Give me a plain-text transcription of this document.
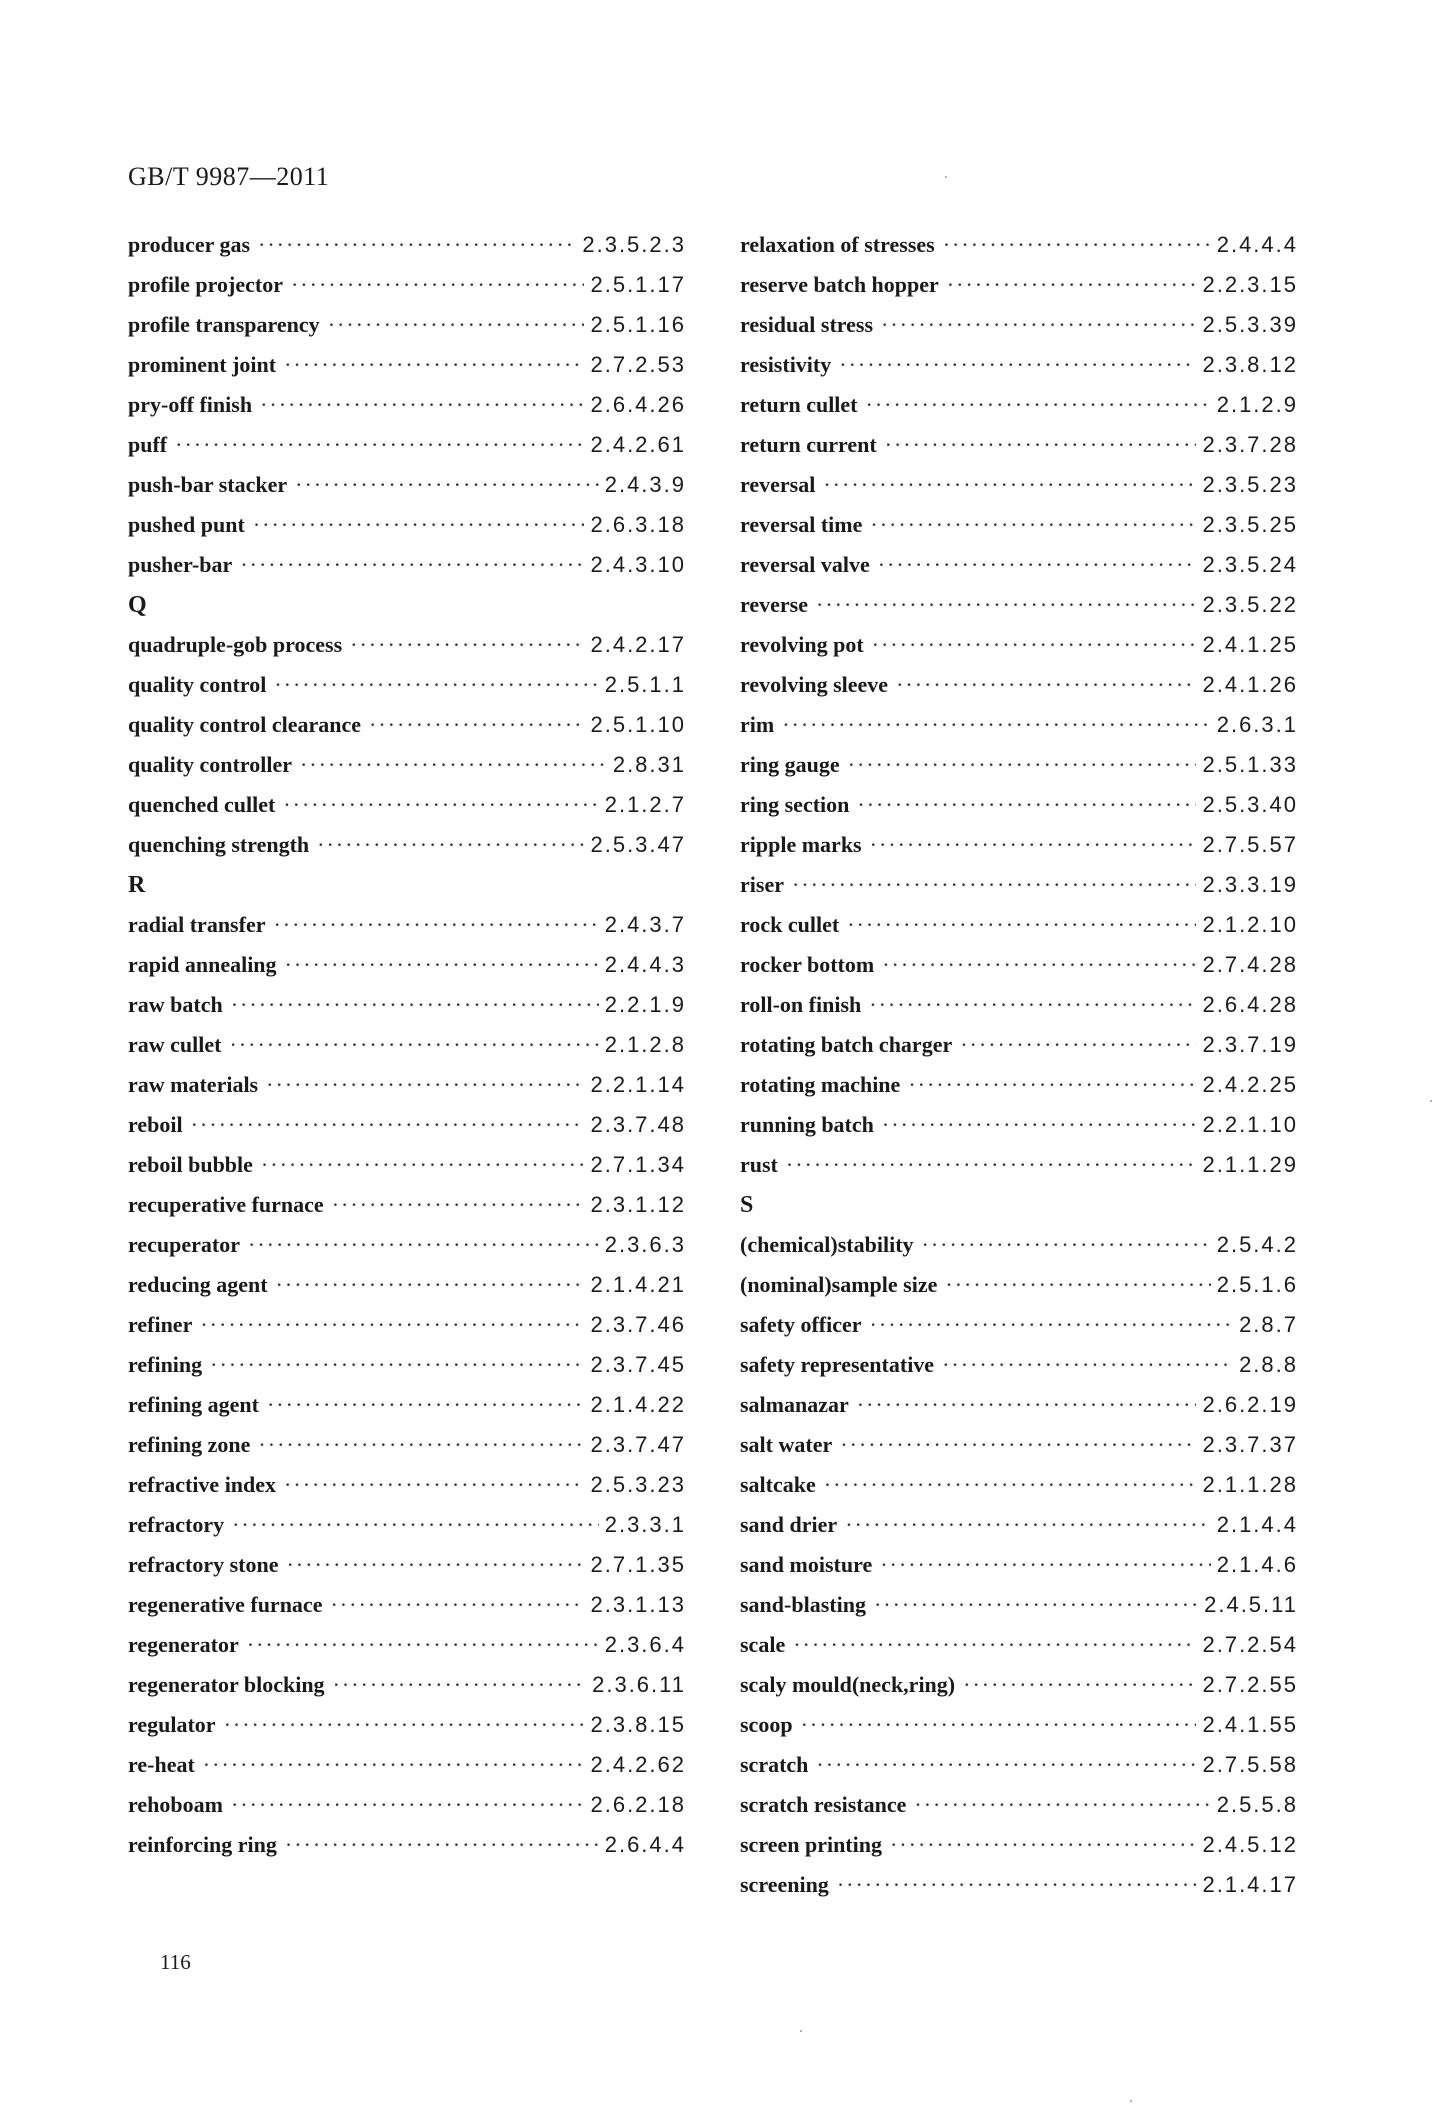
GB/T 9987—2011
producer gas ·····	2.3.5.2.3
profile projector ·····	2.5.1.17
profile transparency ·····	2.5.1.16
prominent joint ·····	2.7.2.53
pry-off finish ·····	2.6.4.26
puff ·····	2.4.2.61
push-bar stacker ·····	2.4.3.9
pushed punt ·····	2.6.3.18
pusher-bar ·····	2.4.3.10
Q
quadruple-gob process ·····	2.4.2.17
quality control ·····	2.5.1.1
quality control clearance ·····	2.5.1.10
quality controller ·····	2.8.31
quenched cullet ·····	2.1.2.7
quenching strength ·····	2.5.3.47
R
radial transfer ·····	2.4.3.7
rapid annealing ·····	2.4.4.3
raw batch ·····	2.2.1.9
raw cullet ·····	2.1.2.8
raw materials ·····	2.2.1.14
reboil ·····	2.3.7.48
reboil bubble ·····	2.7.1.34
recuperative furnace ·····	2.3.1.12
recuperator ·····	2.3.6.3
reducing agent ·····	2.1.4.21
refiner ·····	2.3.7.46
refining ·····	2.3.7.45
refining agent ·····	2.1.4.22
refining zone ·····	2.3.7.47
refractive index ·····	2.5.3.23
refractory ·····	2.3.3.1
refractory stone ·····	2.7.1.35
regenerative furnace ·····	2.3.1.13
regenerator ·····	2.3.6.4
regenerator blocking ·····	2.3.6.11
regulator ·····	2.3.8.15
re-heat ·····	2.4.2.62
rehoboam ·····	2.6.2.18
reinforcing ring ·····	2.6.4.4
relaxation of stresses ·····	2.4.4.4
reserve batch hopper ·····	2.2.3.15
residual stress ·····	2.5.3.39
resistivity ·····	2.3.8.12
return cullet ·····	2.1.2.9
return current ·····	2.3.7.28
reversal ·····	2.3.5.23
reversal time ·····	2.3.5.25
reversal valve ·····	2.3.5.24
reverse ·····	2.3.5.22
revolving pot ·····	2.4.1.25
revolving sleeve ·····	2.4.1.26
rim ·····	2.6.3.1
ring gauge ·····	2.5.1.33
ring section ·····	2.5.3.40
ripple marks ·····	2.7.5.57
riser ·····	2.3.3.19
rock cullet ·····	2.1.2.10
rocker bottom ·····	2.7.4.28
roll-on finish ·····	2.6.4.28
rotating batch charger ·····	2.3.7.19
rotating machine ·····	2.4.2.25
running batch ·····	2.2.1.10
rust ·····	2.1.1.29
S
(chemical)stability ·····	2.5.4.2
(nominal)sample size ·····	2.5.1.6
safety officer ·····	2.8.7
safety representative ·····	2.8.8
salmanazar ·····	2.6.2.19
salt water ·····	2.3.7.37
saltcake ·····	2.1.1.28
sand drier ·····	2.1.4.4
sand moisture ·····	2.1.4.6
sand-blasting ·····	2.4.5.11
scale ·····	2.7.2.54
scaly mould(neck,ring) ·····	2.7.2.55
scoop ·····	2.4.1.55
scratch ·····	2.7.5.58
scratch resistance ·····	2.5.5.8
screen printing ·····	2.4.5.12
screening ·····	2.1.4.17
116
